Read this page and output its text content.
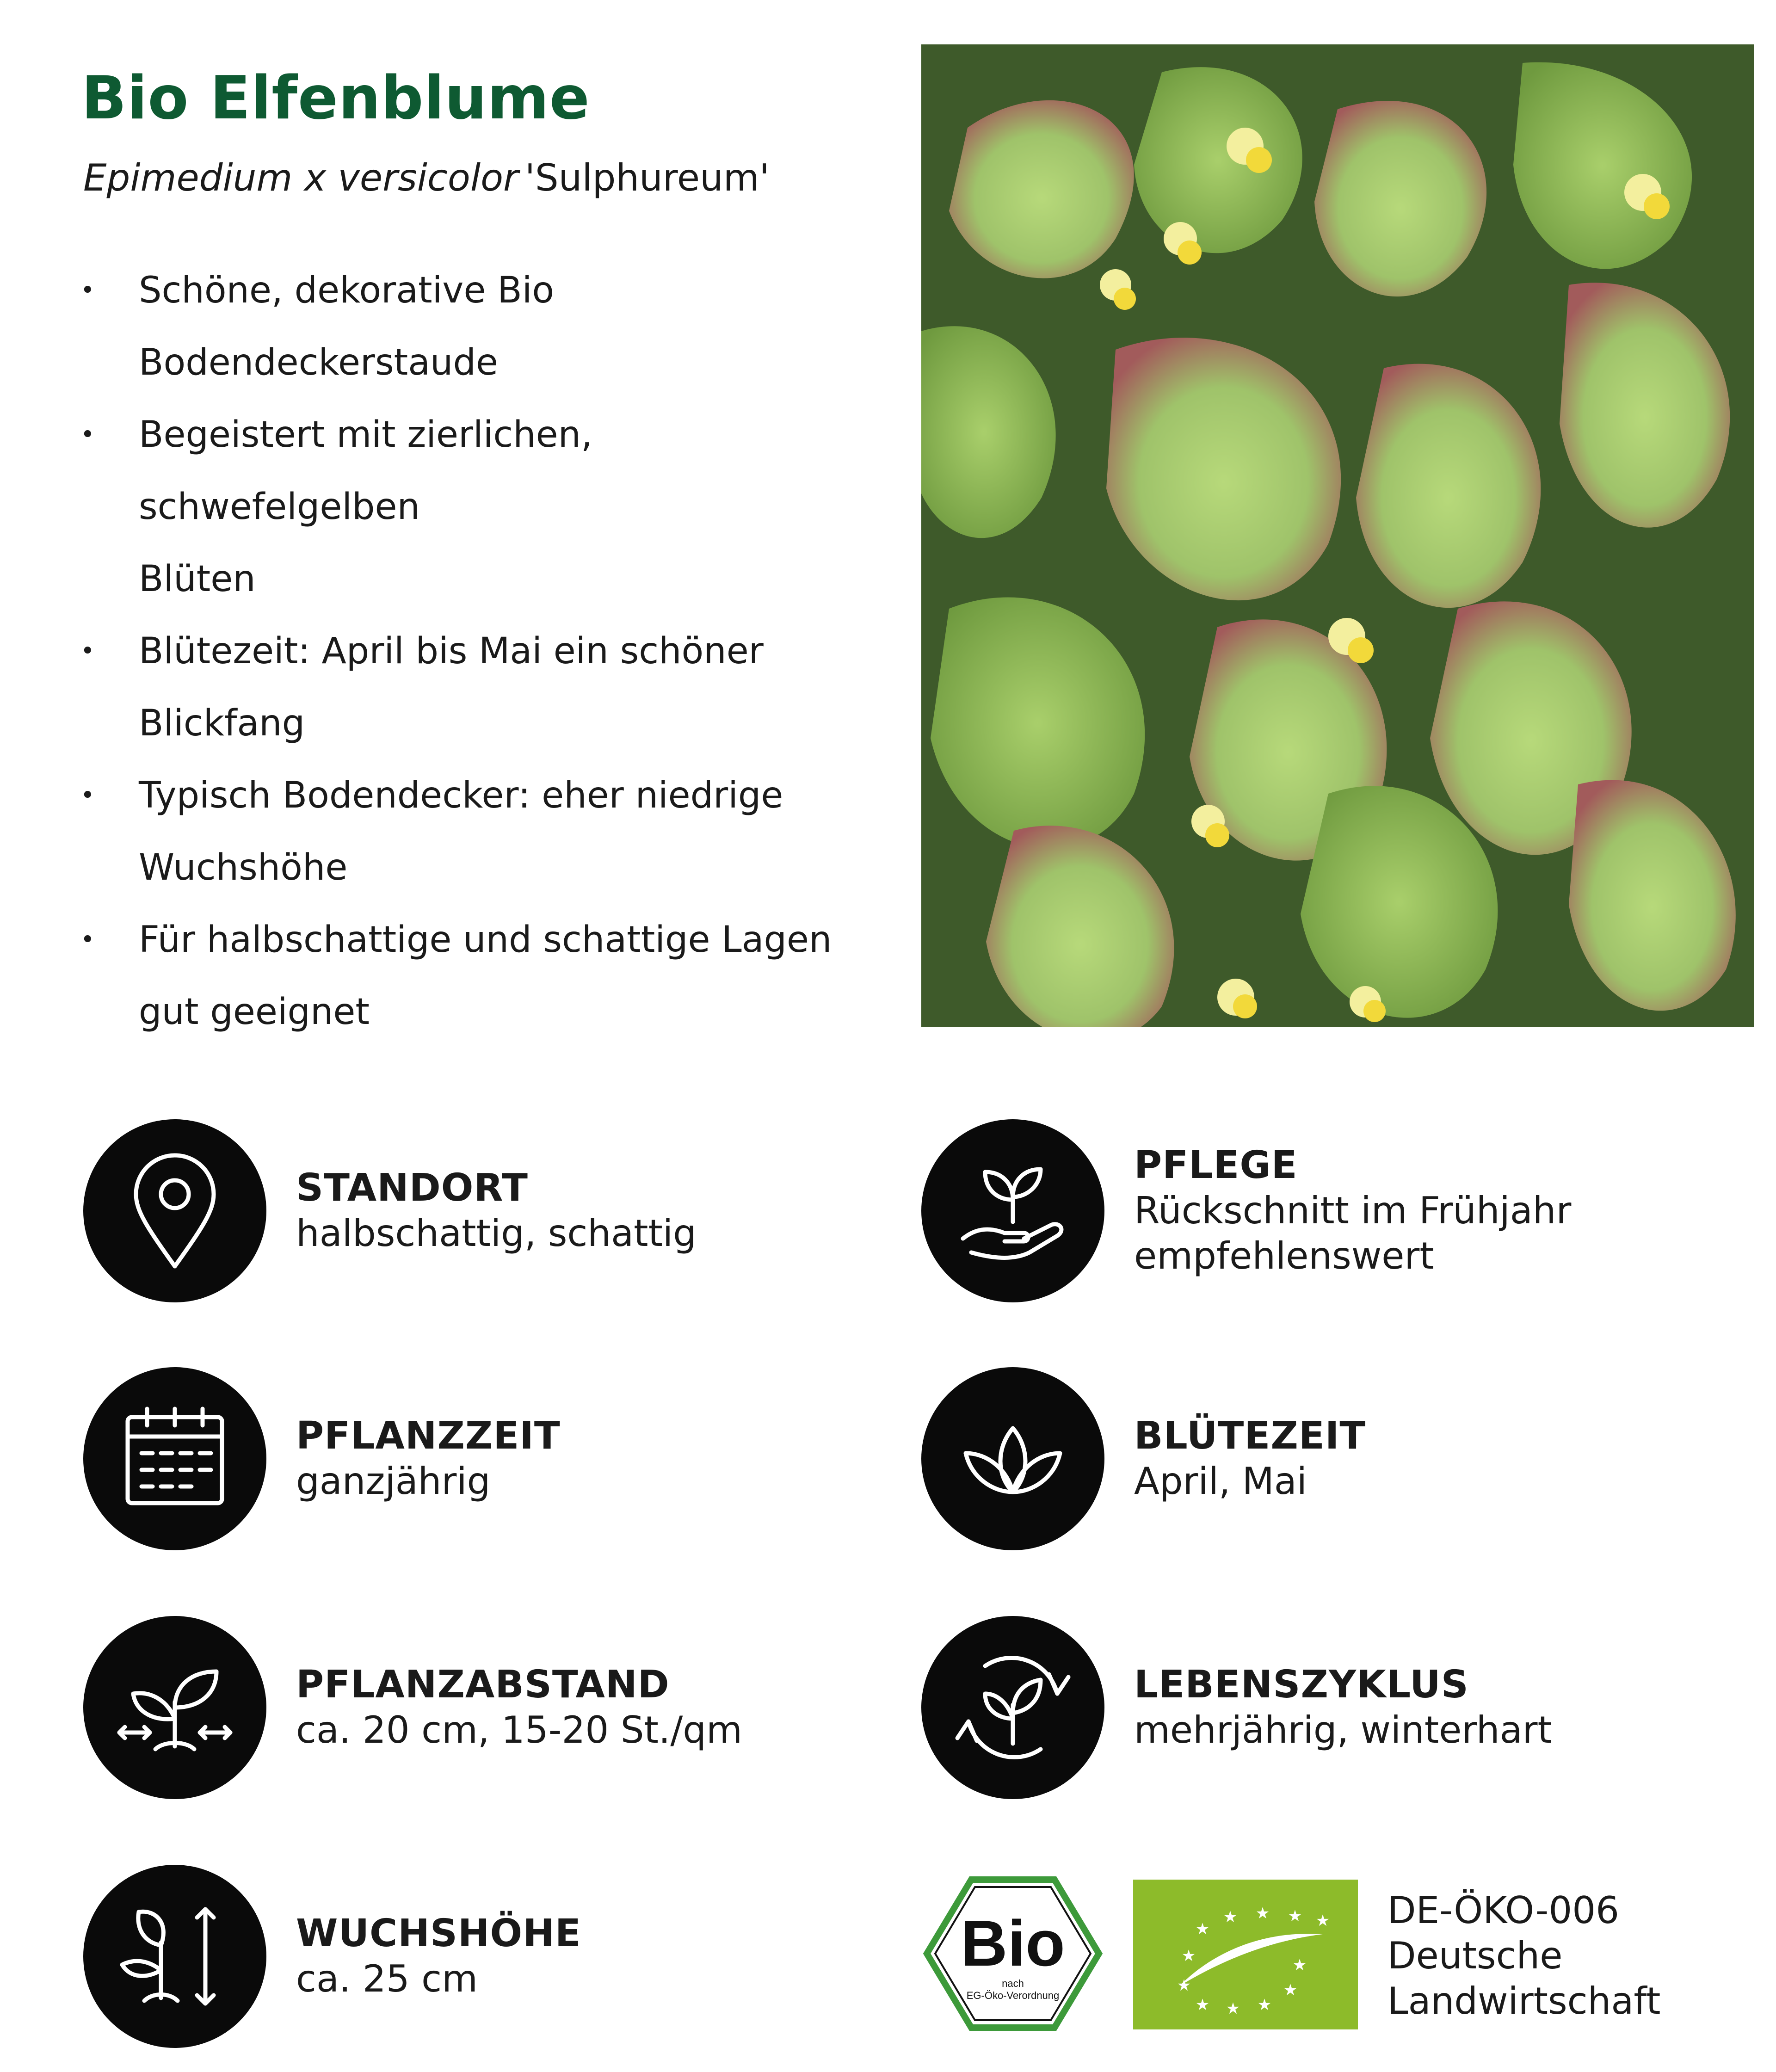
Bio Elfenblume
Epimedium x versicolor 'Sulphureum'
• Schöne, dekorative Bio
Bodendeckerstaude
• Begeistert mit zierlichen, schwefelgelben
Blüten
• Blütezeit: April bis Mai ein schöner
Blickfang
• Typisch Bodendecker: eher niedrige
Wuchshöhe
• Für halbschattige und schattige Lagen
gut geeignet
STANDORT
halbschattig, schattig
PFLEGE
Rückschnitt im Frühjahr
empfehlenswert
PFLANZZEIT
ganzjährig
BLÜTEZEIT
April, Mai
PFLANZABSTAND
ca. 20 cm, 15-20 St./qm
LEBENSZYKLUS
mehrjährig, winterhart
WUCHSHÖHE
ca. 25 cm	Bio
nach
EG-Öko-Verordnung
★
★ ★ ★ ★
★
★
★ ★ ★
★
★
DE-ÖKO-006
Deutsche
Landwirtschaft
